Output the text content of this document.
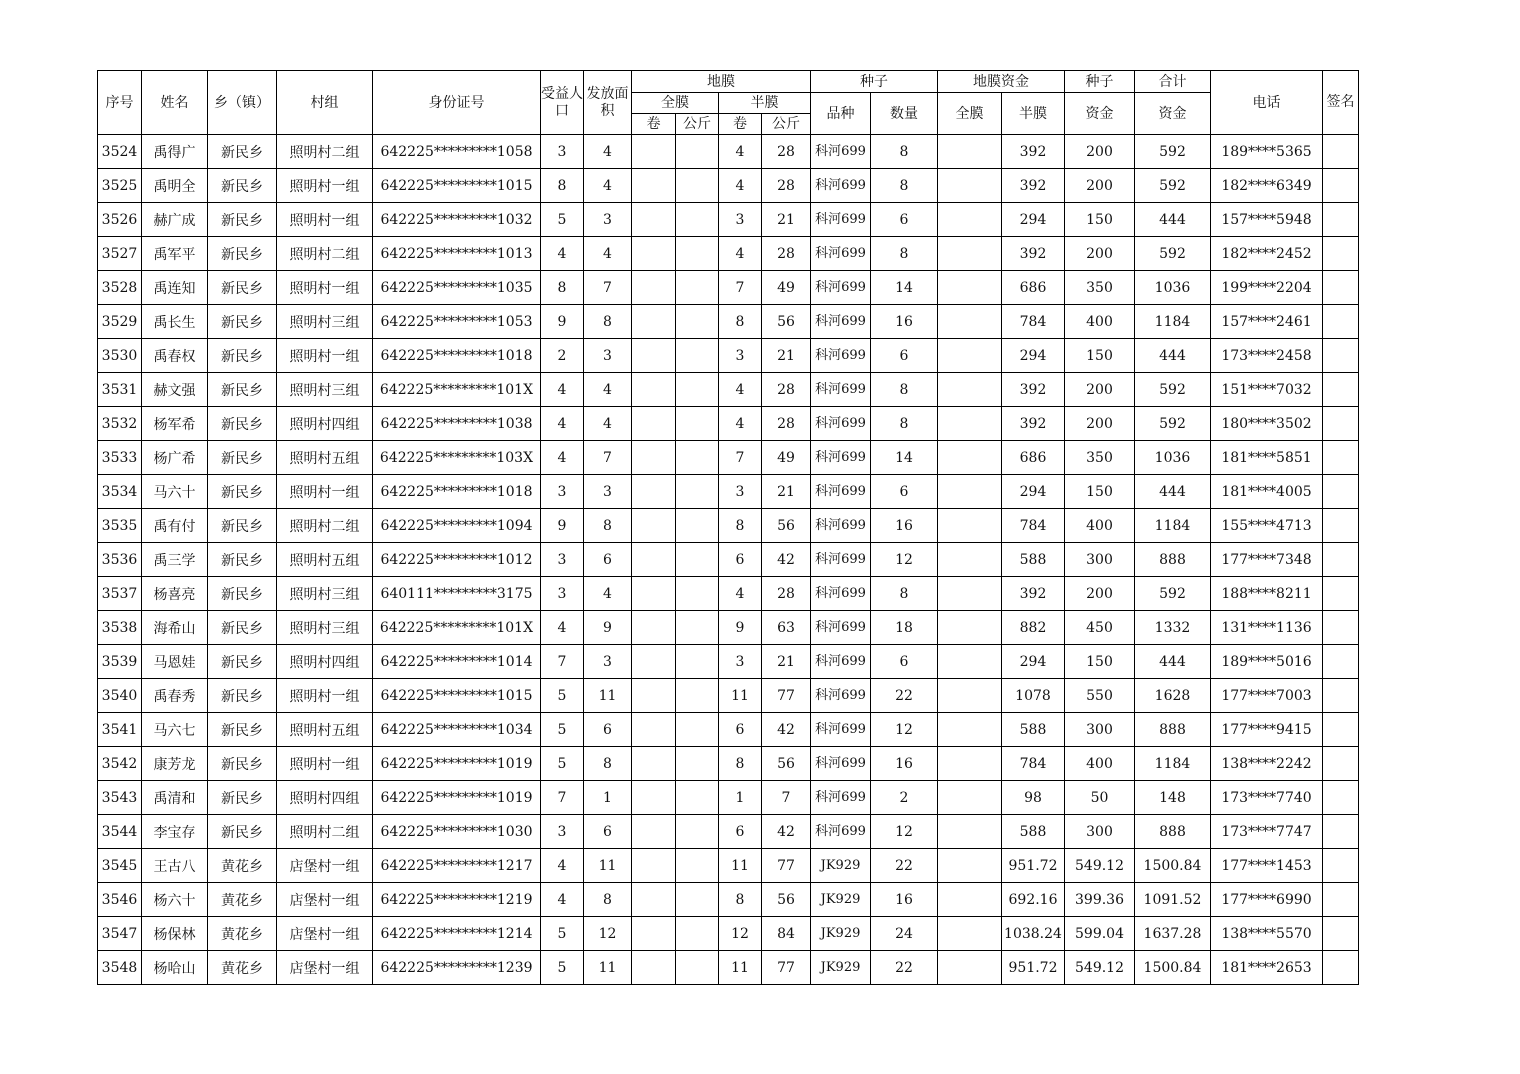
序号	姓名	乡（镇）	村组	身份证号	受益人口	发放面积	地膜				种子		地膜资金		种子	合计	电话	签名
							全膜		半膜		品种	数量	全膜	半膜	资金	资金		
							卷	公斤	卷	公斤								
3524	禹得广	新民乡	照明村二组	642225*********1058	3	4			4	28	科河699	8		392	200	592	189****5365	
3525	禹明全	新民乡	照明村一组	642225*********1015	8	4			4	28	科河699	8		392	200	592	182****6349	
3526	赫广成	新民乡	照明村一组	642225*********1032	5	3			3	21	科河699	6		294	150	444	157****5948	
3527	禹军平	新民乡	照明村二组	642225*********1013	4	4			4	28	科河699	8		392	200	592	182****2452	
3528	禹连知	新民乡	照明村一组	642225*********1035	8	7			7	49	科河699	14		686	350	1036	199****2204	
3529	禹长生	新民乡	照明村三组	642225*********1053	9	8			8	56	科河699	16		784	400	1184	157****2461	
3530	禹春权	新民乡	照明村一组	642225*********1018	2	3			3	21	科河699	6		294	150	444	173****2458	
3531	赫文强	新民乡	照明村三组	642225*********101X	4	4			4	28	科河699	8		392	200	592	151****7032	
3532	杨军希	新民乡	照明村四组	642225*********1038	4	4			4	28	科河699	8		392	200	592	180****3502	
3533	杨广希	新民乡	照明村五组	642225*********103X	4	7			7	49	科河699	14		686	350	1036	181****5851	
3534	马六十	新民乡	照明村一组	642225*********1018	3	3			3	21	科河699	6		294	150	444	181****4005	
3535	禹有付	新民乡	照明村二组	642225*********1094	9	8			8	56	科河699	16		784	400	1184	155****4713	
3536	禹三学	新民乡	照明村五组	642225*********1012	3	6			6	42	科河699	12		588	300	888	177****7348	
3537	杨喜亮	新民乡	照明村三组	640111*********3175	3	4			4	28	科河699	8		392	200	592	188****8211	
3538	海希山	新民乡	照明村三组	642225*********101X	4	9			9	63	科河699	18		882	450	1332	131****1136	
3539	马恩娃	新民乡	照明村四组	642225*********1014	7	3			3	21	科河699	6		294	150	444	189****5016	
3540	禹春秀	新民乡	照明村一组	642225*********1015	5	11			11	77	科河699	22		1078	550	1628	177****7003	
3541	马六七	新民乡	照明村五组	642225*********1034	5	6			6	42	科河699	12		588	300	888	177****9415	
3542	康芳龙	新民乡	照明村一组	642225*********1019	5	8			8	56	科河699	16		784	400	1184	138****2242	
3543	禹清和	新民乡	照明村四组	642225*********1019	7	1			1	7	科河699	2		98	50	148	173****7740	
3544	李宝存	新民乡	照明村二组	642225*********1030	3	6			6	42	科河699	12		588	300	888	173****7747	
3545	王古八	黄花乡	店堡村一组	642225*********1217	4	11			11	77	JK929	22		951.72	549.12	1500.84	177****1453	
3546	杨六十	黄花乡	店堡村一组	642225*********1219	4	8			8	56	JK929	16		692.16	399.36	1091.52	177****6990	
3547	杨保林	黄花乡	店堡村一组	642225*********1214	5	12			12	84	JK929	24		1038.24	599.04	1637.28	138****5570	
3548	杨哈山	黄花乡	店堡村一组	642225*********1239	5	11			11	77	JK929	22		951.72	549.12	1500.84	181****2653	
